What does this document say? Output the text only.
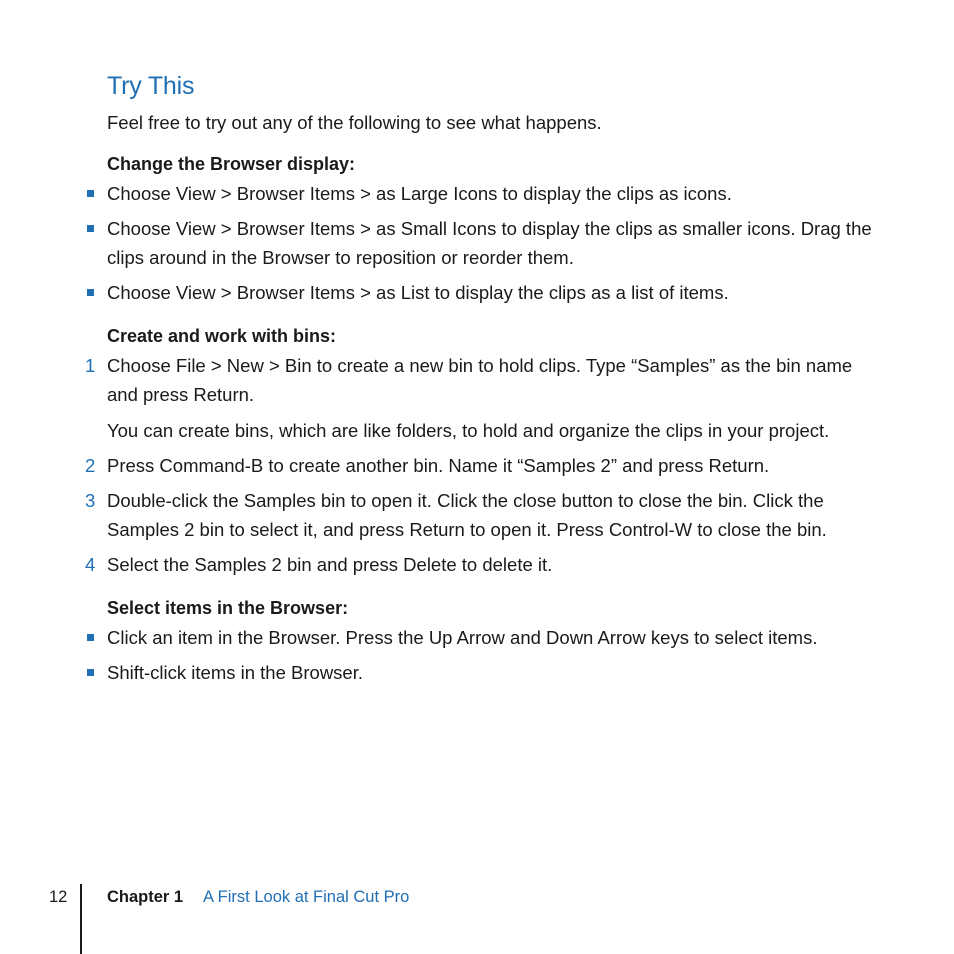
Try This

Feel free to try out any of the following to see what happens.

Change the Browser display:
Choose View > Browser Items > as Large Icons to display the clips as icons.
Choose View > Browser Items > as Small Icons to display the clips as smaller icons. Drag the clips around in the Browser to reposition or reorder them.
Choose View > Browser Items > as List to display the clips as a list of items.
Create and work with bins:
1 Choose File > New > Bin to create a new bin to hold clips. Type “Samples” as the bin name and press Return.
You can create bins, which are like folders, to hold and organize the clips in your project.
2 Press Command-B to create another bin. Name it “Samples 2” and press Return.
3 Double-click the Samples bin to open it. Click the close button to close the bin. Click the Samples 2 bin to select it, and press Return to open it. Press Control-W to close the bin.
4 Select the Samples 2 bin and press Delete to delete it.
Select items in the Browser:
Click an item in the Browser. Press the Up Arrow and Down Arrow keys to select items.
Shift-click items in the Browser.
12 Chapter 1 A First Look at Final Cut Pro
